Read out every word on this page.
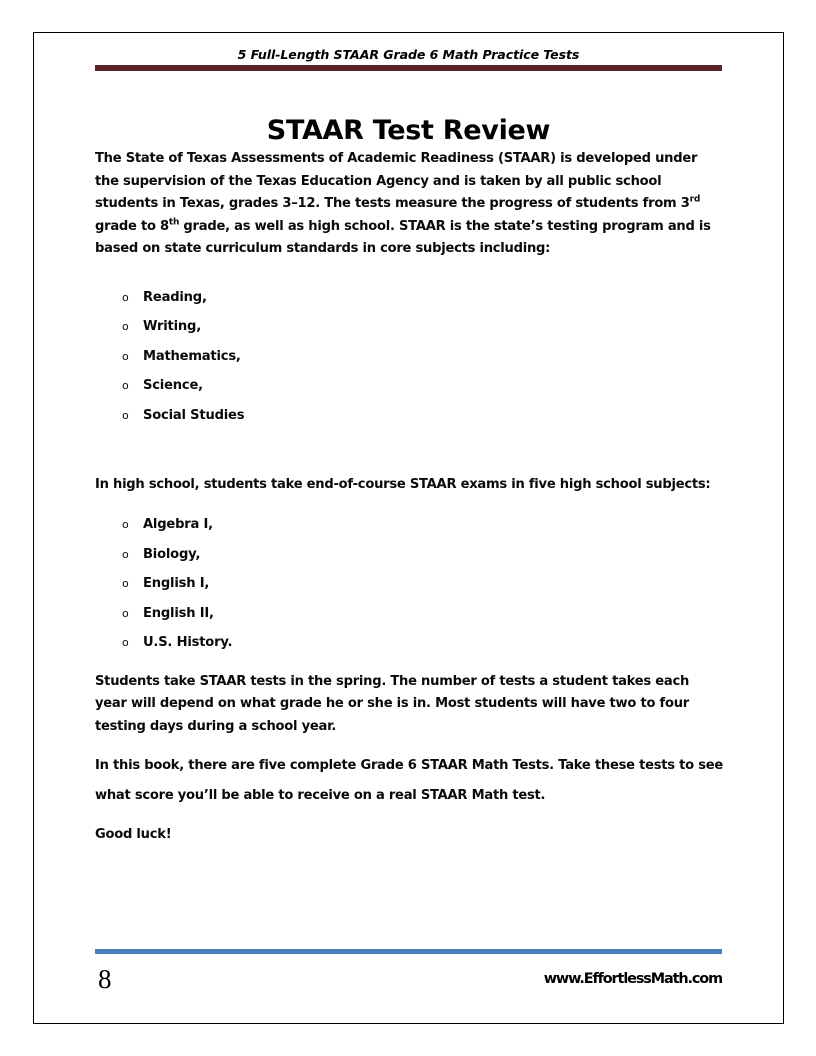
5 Full-Length STAAR Grade 6 Math Practice Tests
STAAR Test Review

The State of Texas Assessments of Academic Readiness (STAAR) is developed under the supervision of the Texas Education Agency and is taken by all public school students in Texas, grades 3–12. The tests measure the progress of students from 3rd grade to 8th grade, as well as high school. STAAR is the state’s testing program and is based on state curriculum standards in core subjects including:

o Reading,
o Writing,
o Mathematics,
o Science,
o Social Studies

In high school, students take end-of-course STAAR exams in five high school subjects:

o Algebra I,
o Biology,
o English I,
o English II,
o U.S. History.

Students take STAAR tests in the spring. The number of tests a student takes each year will depend on what grade he or she is in. Most students will have two to four testing days during a school year.

In this book, there are five complete Grade 6 STAAR Math Tests. Take these tests to see what score you’ll be able to receive on a real STAAR Math test.

Good luck!

8	www.EffortlessMath.com
